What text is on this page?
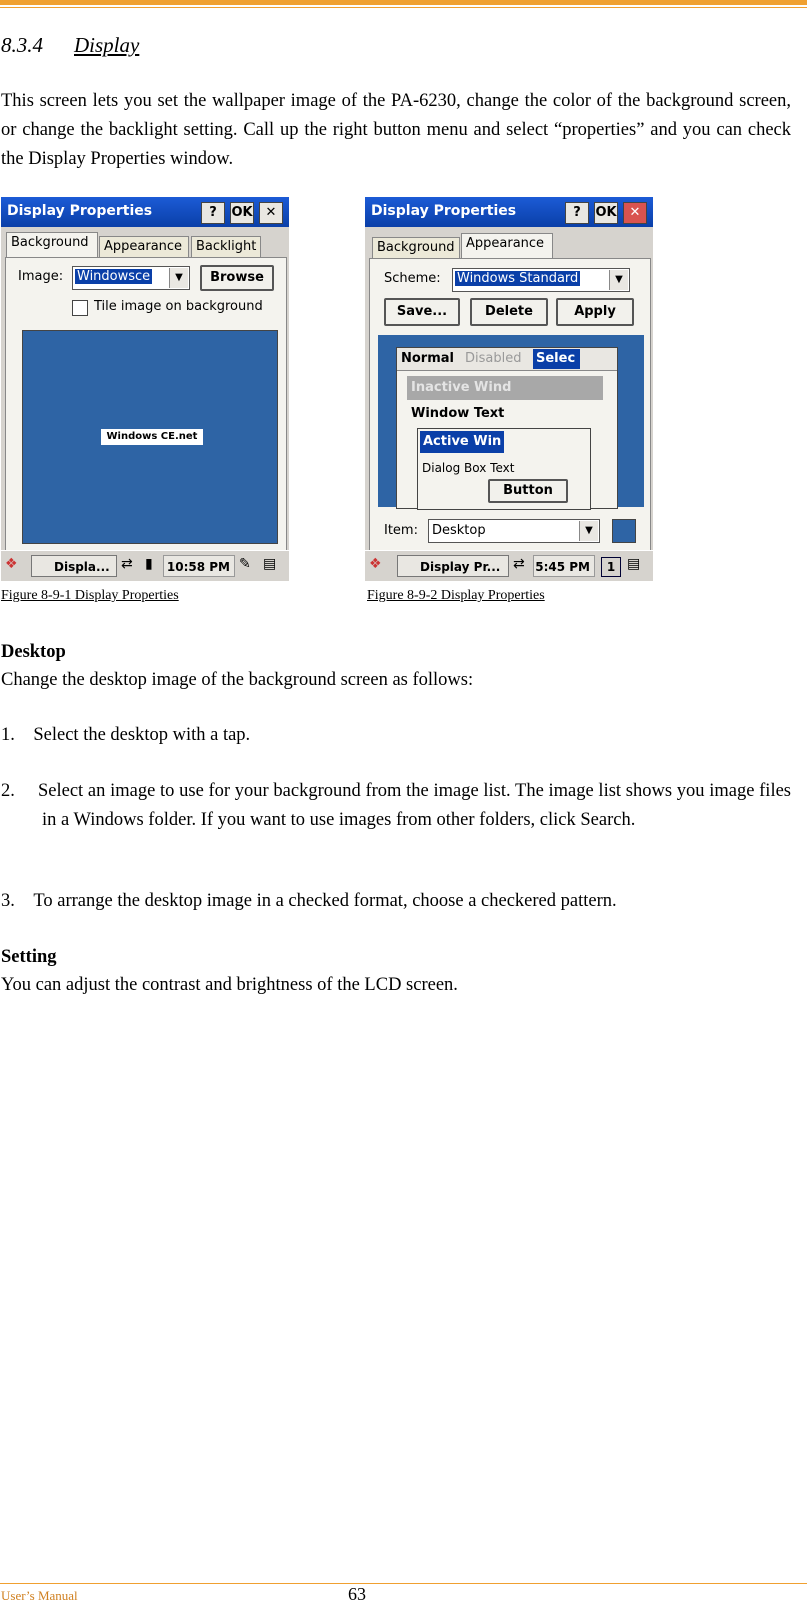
8.3.4 Display
This screen lets you set the wallpaper image of the PA-6230, change the color of the background screen, or change the backlight setting. Call up the right button menu and select “properties” and you can check the Display Properties window.
Display Properties	?	OK ✕
Background	Appearance	Backlight
Image: Windowsce	▼	Browse
Tile image on background
Windows CE.net
❖	Displa... ⇄ ▮	10:58 PM ✎ ▤
Display Properties	?	OK ✕
Background Appearance
Scheme: Windows Standard	▼
Save...	Delete	Apply
Normal Disabled Selec
Inactive Wind
Window Text
Active Win
Dialog Box Text
Button
Item: Desktop	▼
❖	Display Pr... ⇄ 5:45 PM	1 ▤
Figure 8-9-1 Display Properties	Figure 8-9-2 Display Properties
Desktop
Change the desktop image of the background screen as follows:
1. Select the desktop with a tap.
2.	Select an image to use for your background from the image list. The image list shows you image files in a Windows folder. If you want to use images from other folders, click Search.
3. To arrange the desktop image in a checked format, choose a checkered pattern.
Setting
You can adjust the contrast and brightness of the LCD screen.
User’s Manual	63
